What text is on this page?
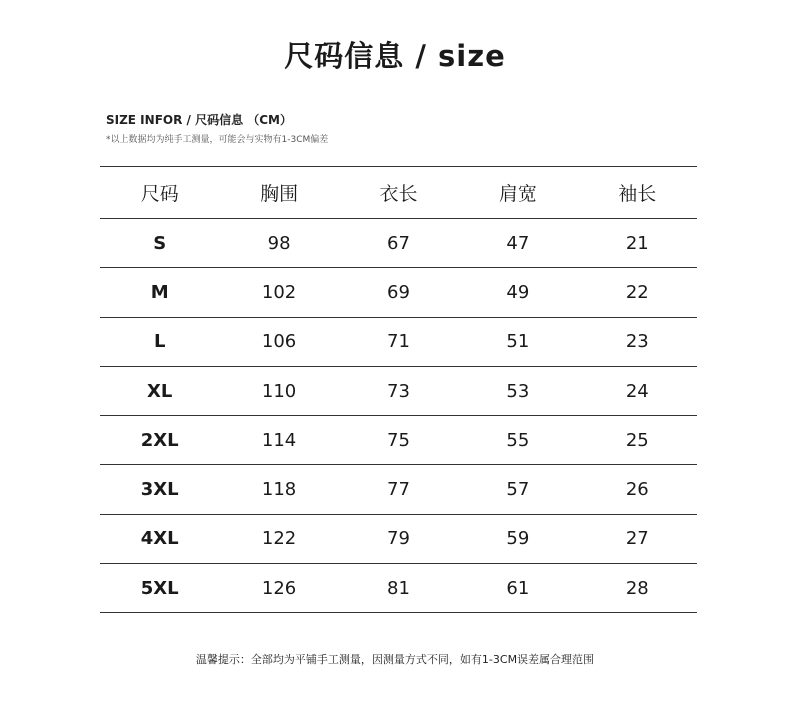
尺码信息 / size
SIZE INFOR / 尺码信息 （CM）
*以上数据均为纯手工测量，可能会与实物有1-3CM偏差
尺码	胸围	衣长	肩宽	袖长
S	98	67	47	21
M	102	69	49	22
L	106	71	51	23
XL	110	73	53	24
2XL	114	75	55	25
3XL	118	77	57	26
4XL	122	79	59	27
5XL	126	81	61	28
温馨提示：全部均为平铺手工测量，因测量方式不同，如有1-3CM误差属合理范围
